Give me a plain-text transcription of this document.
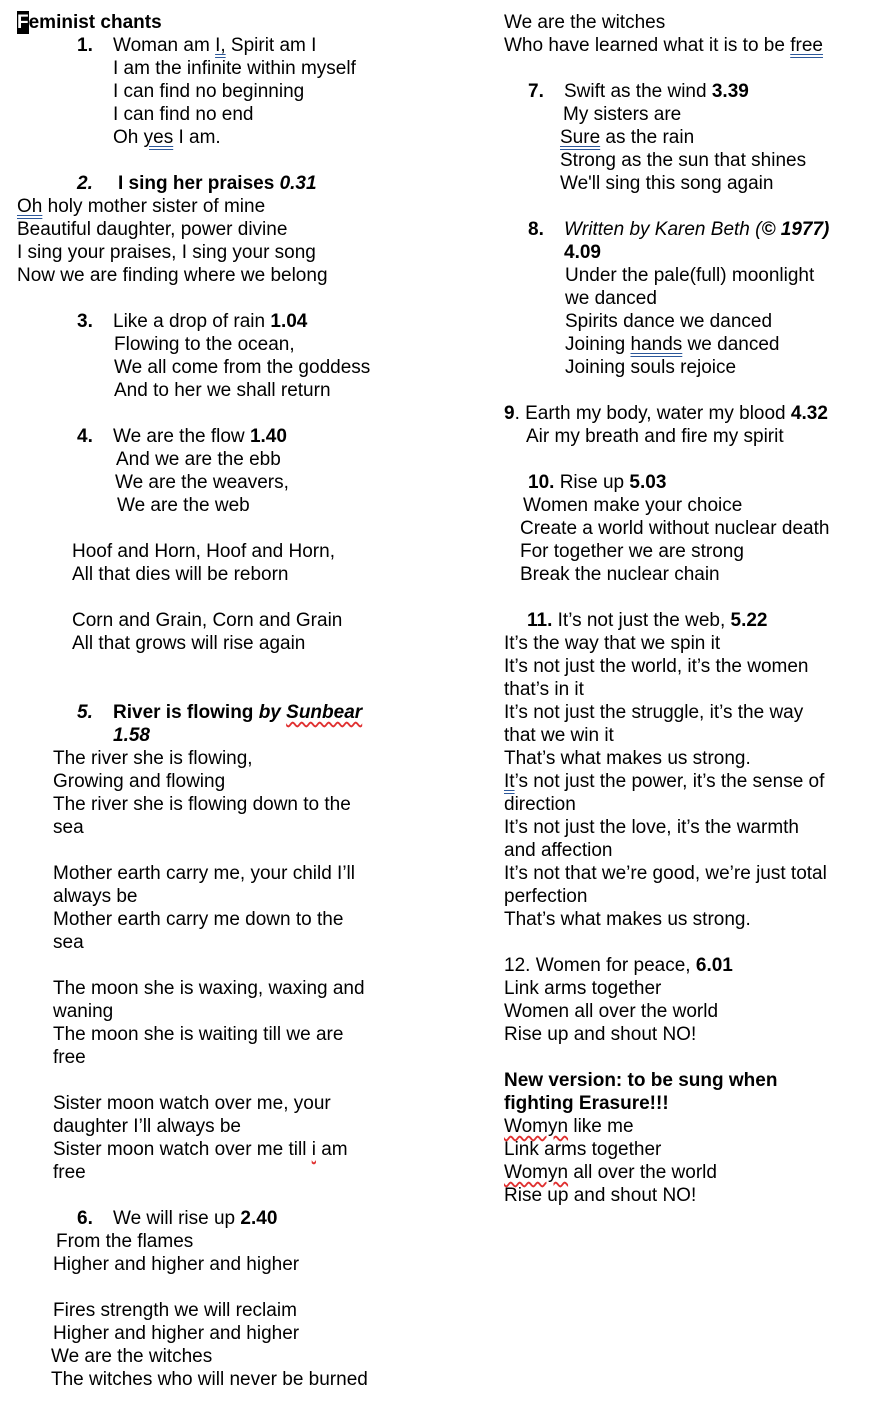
Feminist chants
1. Woman am I, Spirit am I
I am the infinite within myself
I can find no beginning
I can find no end
Oh yes I am.
2. I sing her praises 0.31
Oh holy mother sister of mine
Beautiful daughter, power divine
I sing your praises, I sing your song
Now we are finding where we belong
3. Like a drop of rain 1.04
Flowing to the ocean,
We all come from the goddess
And to her we shall return
4. We are the flow 1.40
And we are the ebb
We are the weavers,
We are the web
Hoof and Horn, Hoof and Horn,
All that dies will be reborn
Corn and Grain, Corn and Grain
All that grows will rise again
5. River is flowing by Sunbear
1.58
The river she is flowing,
Growing and flowing
The river she is flowing down to the
sea
Mother earth carry me, your child I’ll
always be
Mother earth carry me down to the
sea
The moon she is waxing, waxing and
waning
The moon she is waiting till we are
free
Sister moon watch over me, your
daughter I’ll always be
Sister moon watch over me till i am
free
6. We will rise up 2.40
From the flames
Higher and higher and higher
Fires strength we will reclaim
Higher and higher and higher
We are the witches
The witches who will never be burned
We are the witches
Who have learned what it is to be free
7. Swift as the wind 3.39
My sisters are
Sure as the rain
Strong as the sun that shines
We'll sing this song again
8. Written by Karen Beth (© 1977)
4.09
Under the pale(full) moonlight
we danced
Spirits dance we danced
Joining hands we danced
Joining souls rejoice
9. Earth my body, water my blood 4.32
Air my breath and fire my spirit
10. Rise up 5.03
Women make your choice
Create a world without nuclear death
For together we are strong
Break the nuclear chain
11. It’s not just the web, 5.22
It’s the way that we spin it
It’s not just the world, it’s the women
that’s in it
It’s not just the struggle, it’s the way
that we win it
That’s what makes us strong.
It’s not just the power, it’s the sense of
direction
It’s not just the love, it’s the warmth
and affection
It’s not that we’re good, we’re just total
perfection
That’s what makes us strong.
12. Women for peace, 6.01
Link arms together
Women all over the world
Rise up and shout NO!
New version: to be sung when
fighting Erasure!!!
Womyn like me
Link arms together
Womyn all over the world
Rise up and shout NO!
